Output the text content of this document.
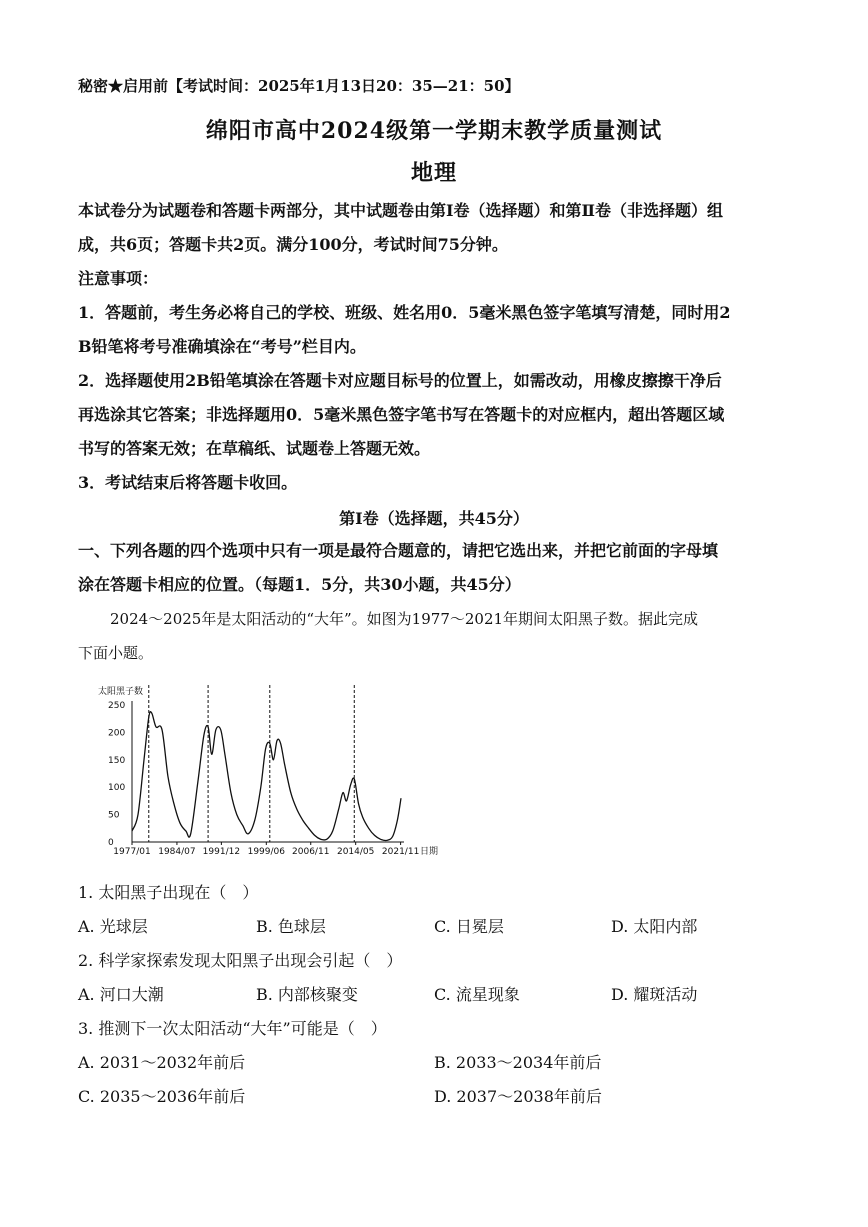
秘密★启用前【考试时间：2025年1月13日20：35—21：50】
绵阳市高中2024级第一学期末教学质量测试
地理
本试卷分为试题卷和答题卡两部分，其中试题卷由第Ⅰ卷（选择题）和第Ⅱ卷（非选择题）组
成，共6页；答题卡共2页。满分100分，考试时间75分钟。
注意事项：
1．答题前，考生务必将自己的学校、班级、姓名用0．5毫米黑色签字笔填写清楚，同时用2
B铅笔将考号准确填涂在“考号”栏目内。
2．选择题使用2B铅笔填涂在答题卡对应题目标号的位置上，如需改动，用橡皮擦擦干净后
再选涂其它答案；非选择题用0．5毫米黑色签字笔书写在答题卡的对应框内，超出答题区域
书写的答案无效；在草稿纸、试题卷上答题无效。
3．考试结束后将答题卡收回。
第Ⅰ卷（选择题，共45分）
一、下列各题的四个选项中只有一项是最符合题意的，请把它选出来，并把它前面的字母填
涂在答题卡相应的位置。（每题1．5分，共30小题，共45分）
2024～2025年是太阳活动的“大年”。如图为1977～2021年期间太阳黑子数。据此完成
下面小题。
太阳黑子数
日期
250
200
150
100
50
0
1977/01 1984/07 1991/12 1999/06 2006/11 2014/05 2021/11
1. 太阳黑子出现在（　）
A. 光球层	B. 色球层	C. 日冕层	D. 太阳内部
2. 科学家探索发现太阳黑子出现会引起（　）
A. 河口大潮	B. 内部核聚变	C. 流星现象	D. 耀斑活动
3. 推测下一次太阳活动“大年”可能是（　）
A. 2031～2032年前后	B. 2033～2034年前后
C. 2035～2036年前后	D. 2037～2038年前后
